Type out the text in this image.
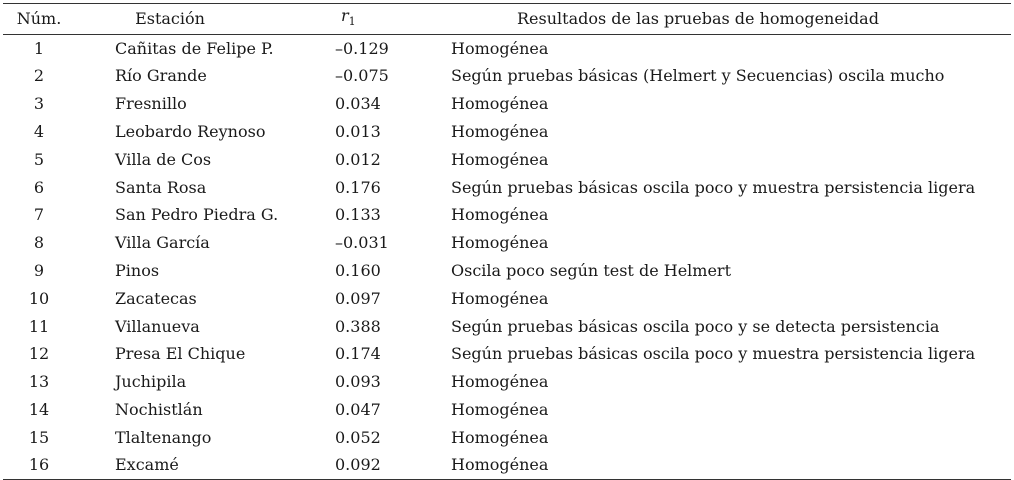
Núm.	Estación	$r_1$	Resultados de las pruebas de homogeneidad
1	Cañitas de Felipe P.	–0.129	Homogénea
2	Río Grande	–0.075	Según pruebas básicas (Helmert y Secuencias) oscila mucho
3	Fresnillo	0.034	Homogénea
4	Leobardo Reynoso	0.013	Homogénea
5	Villa de Cos	0.012	Homogénea
6	Santa Rosa	0.176	Según pruebas básicas oscila poco y muestra persistencia ligera
7	San Pedro Piedra G.	0.133	Homogénea
8	Villa García	–0.031	Homogénea
9	Pinos	0.160	Oscila poco según test de Helmert
10	Zacatecas	0.097	Homogénea
11	Villanueva	0.388	Según pruebas básicas oscila poco y se detecta persistencia
12	Presa El Chique	0.174	Según pruebas básicas oscila poco y muestra persistencia ligera
13	Juchipila	0.093	Homogénea
14	Nochistlán	0.047	Homogénea
15	Tlaltenango	0.052	Homogénea
16	Excamé	0.092	Homogénea
